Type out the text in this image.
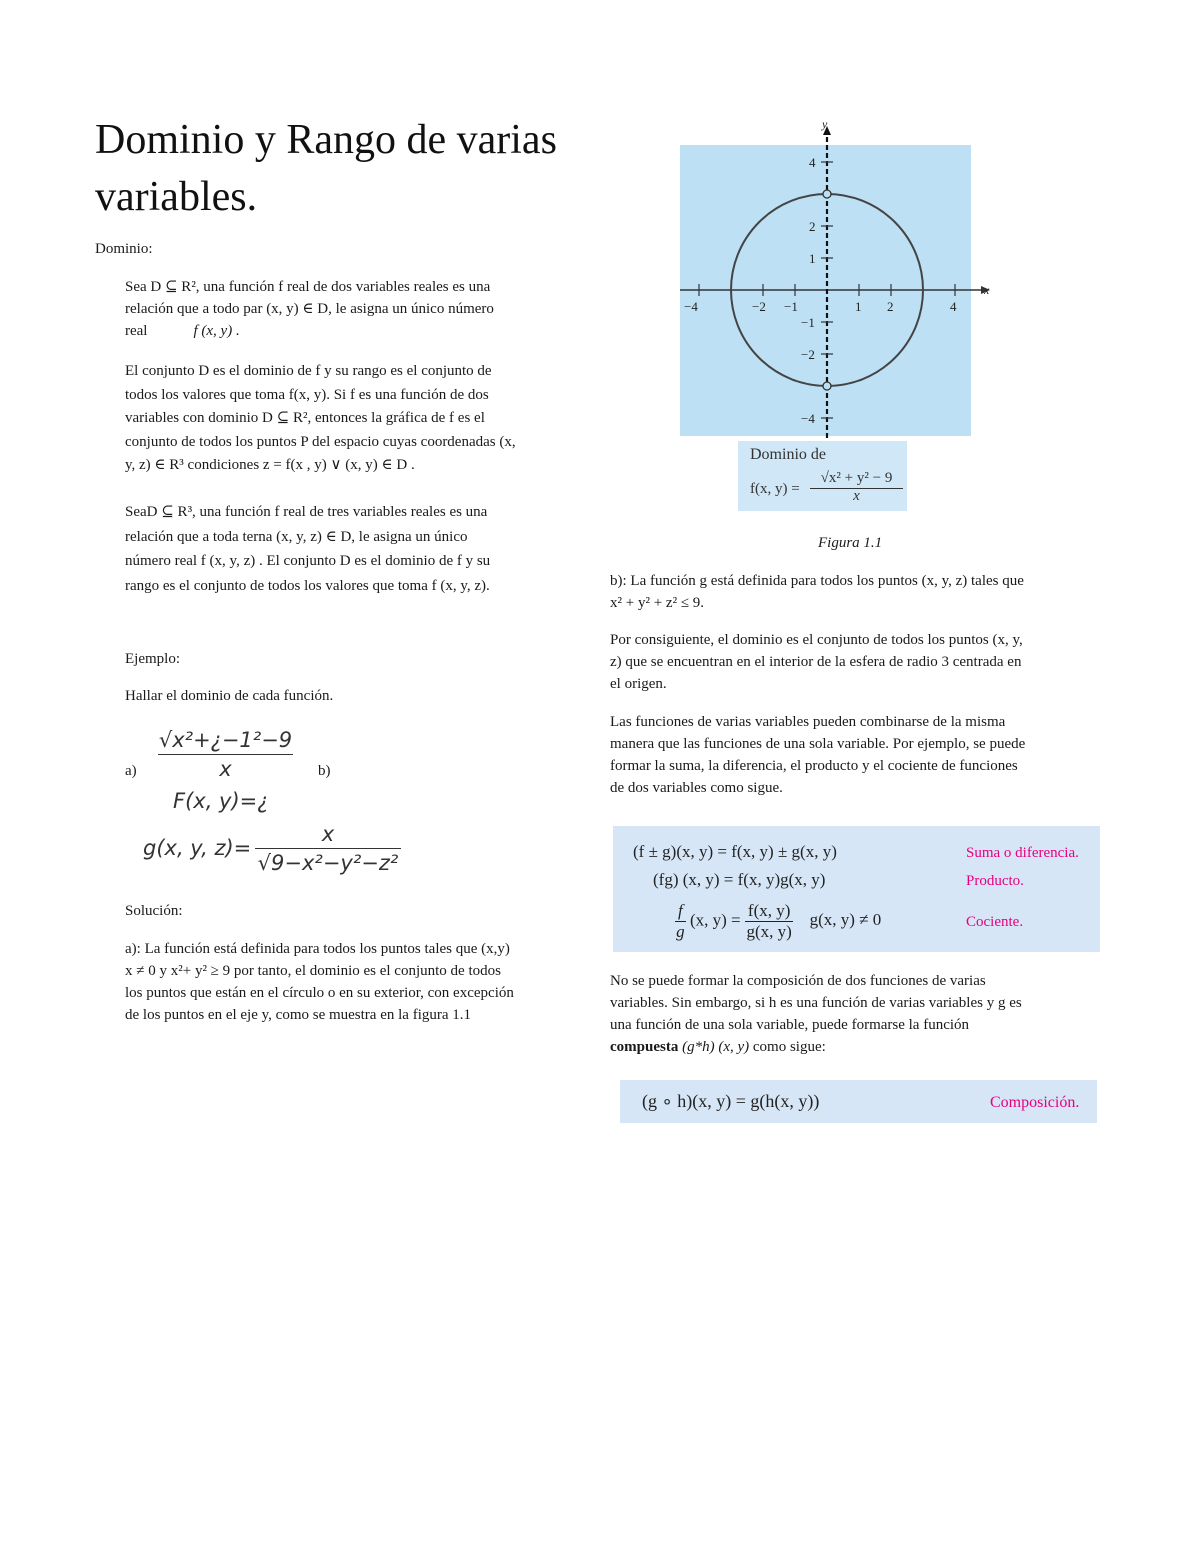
Dominio y Rango de varias variables.
Dominio:
Sea D ⊆ R², una función f real de dos variables reales es una
relación que a todo par (x, y) ∈ D, le asigna un único número
real	f (x, y) .
El conjunto D es el dominio de f y su rango es el conjunto de
todos los valores que toma f(x, y). Si f es una función de dos
variables con dominio D ⊆ R², entonces la gráfica de f es el
conjunto de todos los puntos P del espacio cuyas coordenadas (x,
y, z) ∈ R³ condiciones z = f(x , y) ∨ (x, y) ∈ D .
SeaD ⊆ R³, una función f real de tres variables reales es una
relación que a toda terna (x, y, z) ∈ D, le asigna un único
número real f (x, y, z) . El conjunto D es el dominio de f y su
rango es el conjunto de todos los valores que toma f (x, y, z).
Ejemplo:
Hallar el dominio de cada función.
$a) \frac{\text{√x²+¿−1²−9}}{x} b$)
F(x, y)=¿
g(x, y, $z)= \frac{x}{\text{√9−x²−y²−z²}}$
Solución:
a): La función está definida para todos los puntos tales que (x,y)
x ≠ 0 y x²+ y² ≥ 9 por tanto, el dominio es el conjunto de todos
los puntos que están en el círculo o en su exterior, con excepción
de los puntos en el eje y, como se muestra en la figura 1.1
−4	−2 −1	1 2	4
4
2
1
−1
−2
−4
x
y
Dominio de
f(x, $y) = \frac{\text{√x² + y² − 9}}{x}$
Figura 1.1
b): La función g está definida para todos los puntos (x, y, z) tales que
x² + y² + z² ≤ 9.
Por consiguiente, el dominio es el conjunto de todos los puntos (x, y,
z) que se encuentran en el interior de la esfera de radio 3 centrada en
el origen.
Las funciones de varias variables pueden combinarse de la misma
manera que las funciones de una sola variable. Por ejemplo, se puede
formar la suma, la diferencia, el producto y el cociente de funciones
de dos variables como sigue.
(f ± g)(x, y) = f(x, y) ± g(x, y)	Suma o diferencia.
(fg) (x, y) = f(x, y)g(x, y)	Producto.
$\frac{f}{g} (x$, $y) = \frac{f(x, y)}{g(x, y)} g(x$, y) ≠ 0	Cociente.
No se puede formar la composición de dos funciones de varias
variables. Sin embargo, si h es una función de varias variables y g es
una función de una sola variable, puede formarse la función
compuesta (g*h) (x, y) como sigue:
(g ∘ h)(x, y) = g(h(x, y))	Composición.
